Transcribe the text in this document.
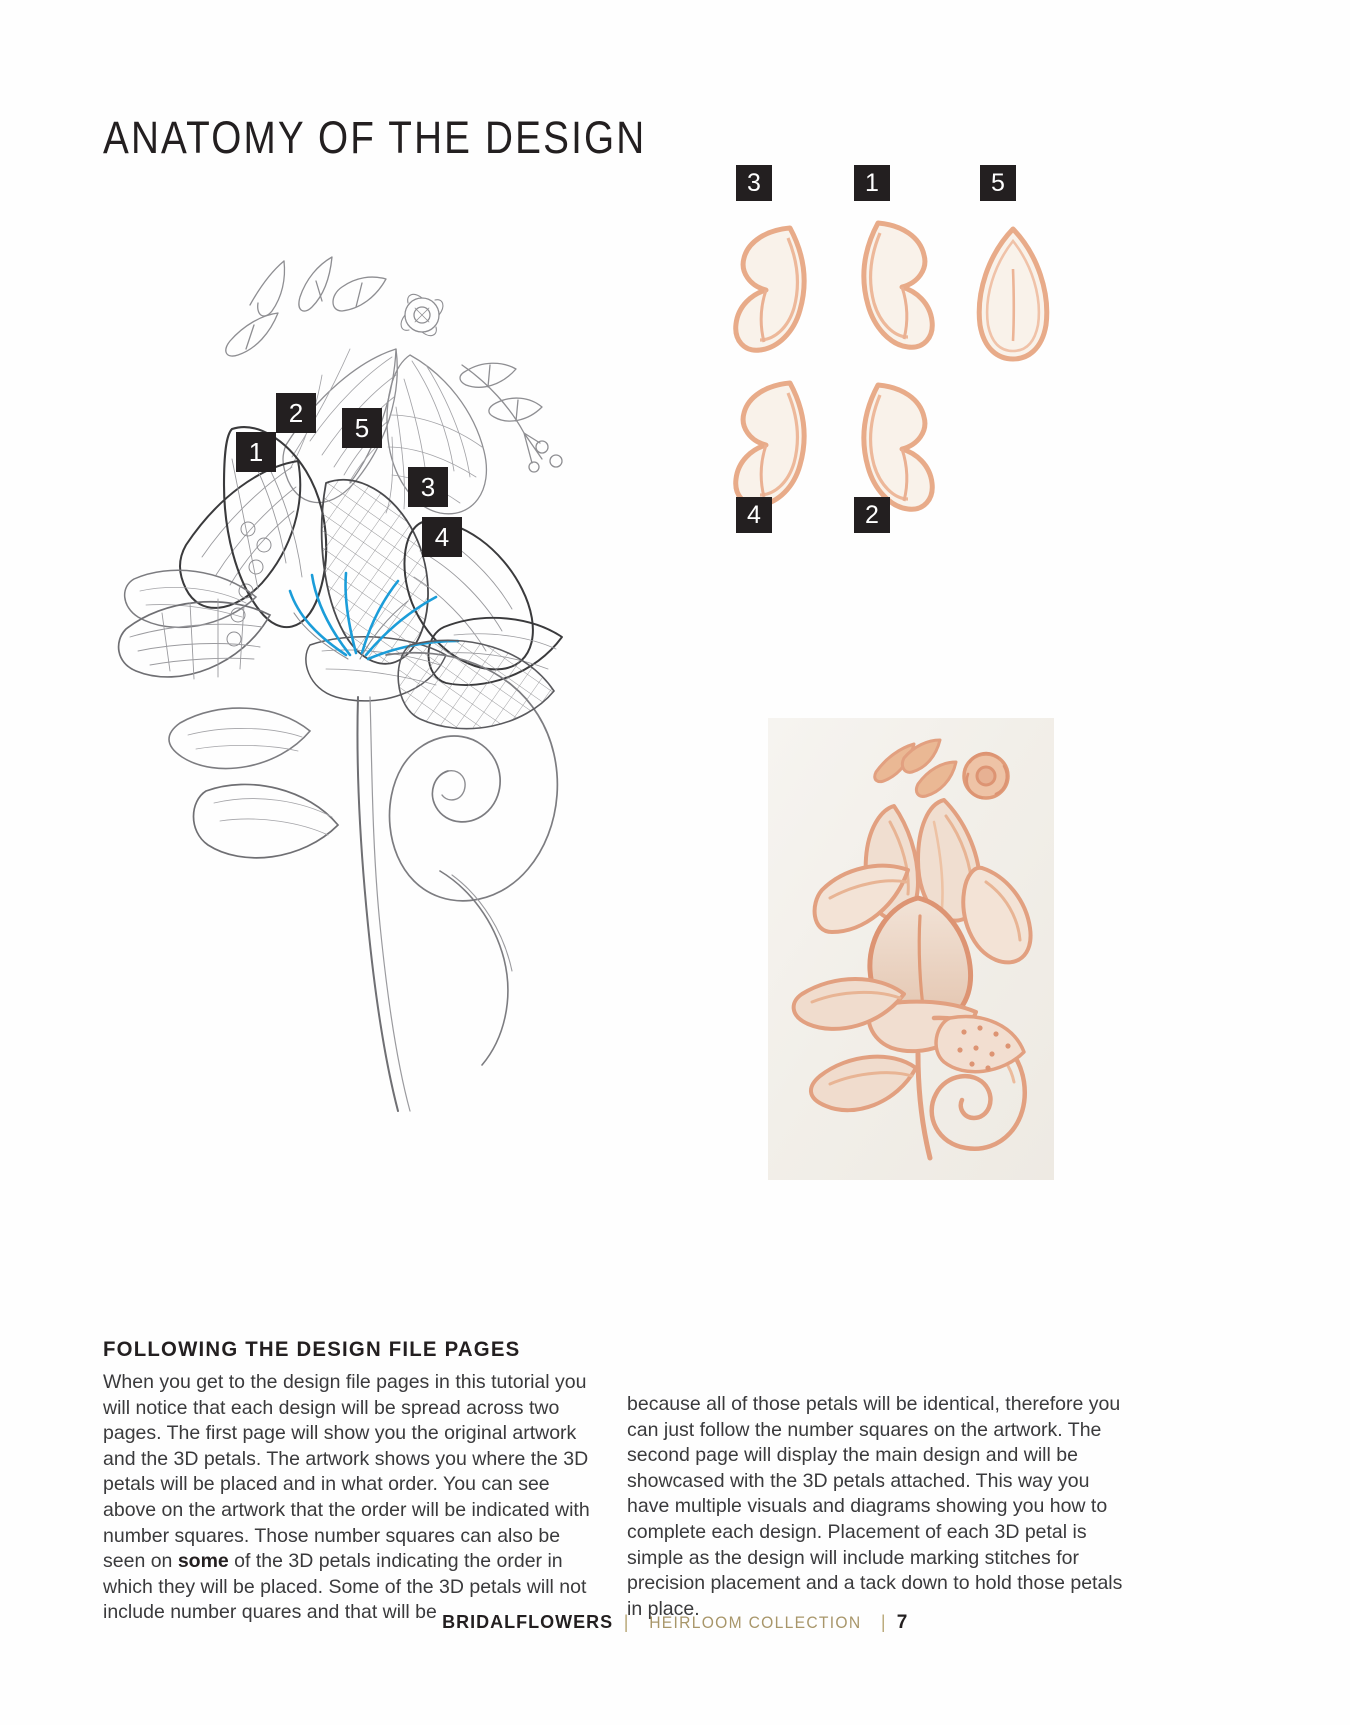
ANATOMY OF THE DESIGN
1
2	5
3
4
3	1	5
4	2
FOLLOWING THE DESIGN FILE PAGES

When you get to the design file pages in this tutorial you will notice that each design will be spread across two pages. The first page will show you the original artwork and the 3D petals. The artwork shows you where the 3D petals will be placed and in what order. You can see above on the artwork that the order will be indicated with number squares. Those number squares can also be seen on some of the 3D petals indicating the order in which they will be placed. Some of the 3D petals will not include number quares and that will be

because all of those petals will be identical, therefore you can just follow the number squares on the artwork. The second page will display the main design and will be showcased with the 3D petals attached. This way you have multiple visuals and diagrams showing you how to complete each design. Placement of each 3D petal is simple as the design will include marking stitches for precision placement and a tack down to hold those petals in place.

BRIDALFLOWERS | HEIRLOOM COLLECTION | 7
